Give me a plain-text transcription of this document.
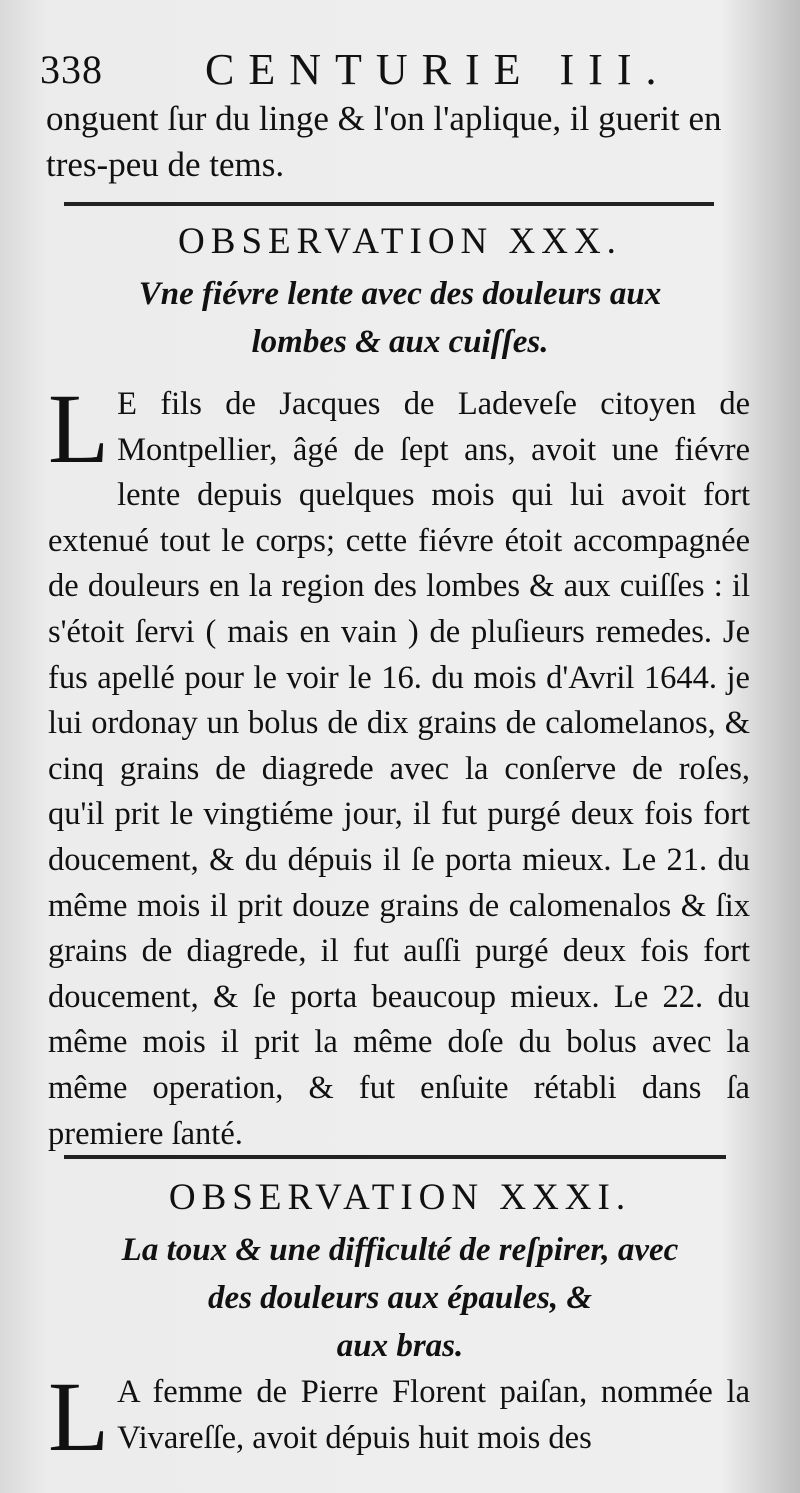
338 CENTURIE III.
onguent ſur du linge & l'on l'aplique, il guerit en tres-peu de tems.
OBSERVATION XXX.
Vne fiévre lente avec des douleurs aux
lombes & aux cuiſſes.
L E fils de Jacques de Ladeveſe citoyen de Montpellier, âgé de ſept ans, avoit une fiévre lente depuis quelques mois qui lui avoit fort extenué tout le corps; cette fiévre étoit accompagnée de douleurs en la region des lombes & aux cuiſſes : il s'étoit ſervi ( mais en vain ) de pluſieurs remedes. Je fus apellé pour le voir le 16. du mois d'Avril 1644. je lui ordonay un bolus de dix grains de calomelanos, & cinq grains de diagrede avec la conſerve de roſes, qu'il prit le vingtiéme jour, il fut purgé deux fois fort doucement, & du dépuis il ſe porta mieux. Le 21. du même mois il prit douze grains de calomenalos & ſix grains de diagrede, il fut auſſi purgé deux fois fort doucement, & ſe porta beaucoup mieux. Le 22. du même mois il prit la même doſe du bolus avec la même operation, & fut enſuite rétabli dans ſa premiere ſanté.
OBSERVATION XXXI.
La toux & une difficulté de reſpirer, avec
des douleurs aux épaules, &
aux bras.
L A femme de Pierre Florent paiſan, nommée la Vivareſſe, avoit dépuis huit mois des
